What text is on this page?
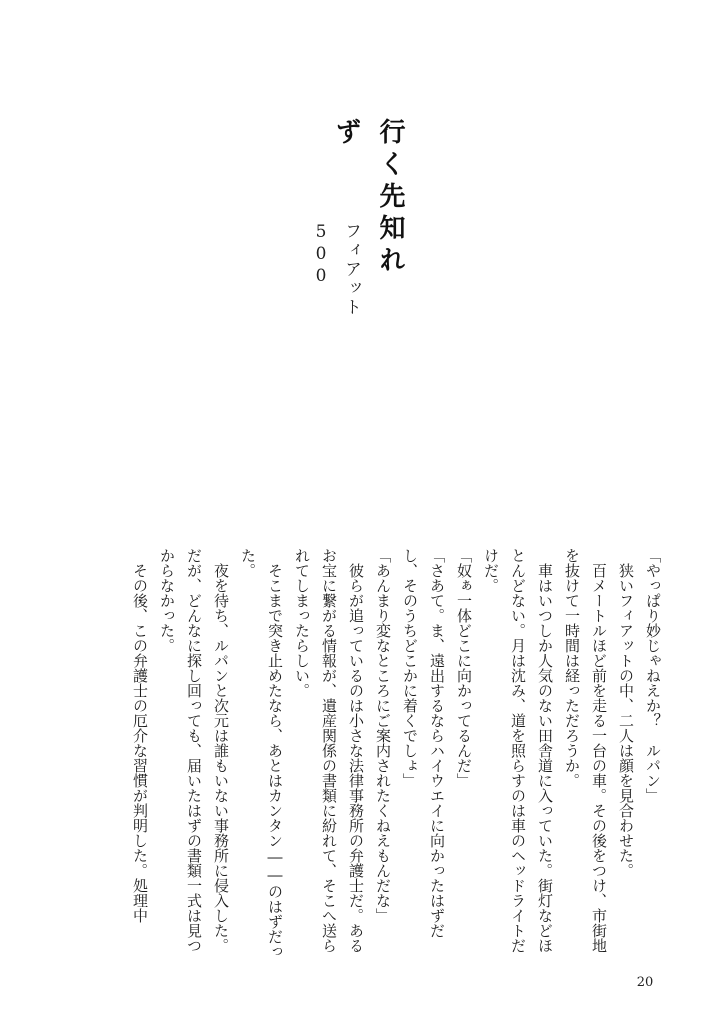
行く先知れず
フィアット500

「やっぱり妙じゃねえか？　ルパン」

狭いフィアットの中、二人は顔を見合わせた。

百メートルほど前を走る一台の車。その後をつけ、市街地を抜けて一時間は経っただろうか。

車はいつしか人気のない田舎道に入っていた。街灯などほとんどない。月は沈み、道を照らすのは車のヘッドライトだけだ。

「奴ぁ一体どこに向かってるんだ」

「さあて。ま、遠出するならハイウエイに向かったはずだし、そのうちどこかに着くでしょ」

「あんまり変なところにご案内されたくねえもんだな」

彼らが追っているのは小さな法律事務所の弁護士だ。あるお宝に繋がる情報が、遺産関係の書類に紛れて、そこへ送られてしまったらしい。

そこまで突き止めたなら、あとはカンタン――のはずだった。

夜を待ち、ルパンと次元は誰もいない事務所に侵入した。だが、どんなに探し回っても、届いたはずの書類一式は見つからなかった。

その後、この弁護士の厄介な習慣が判明した。処理中

20
